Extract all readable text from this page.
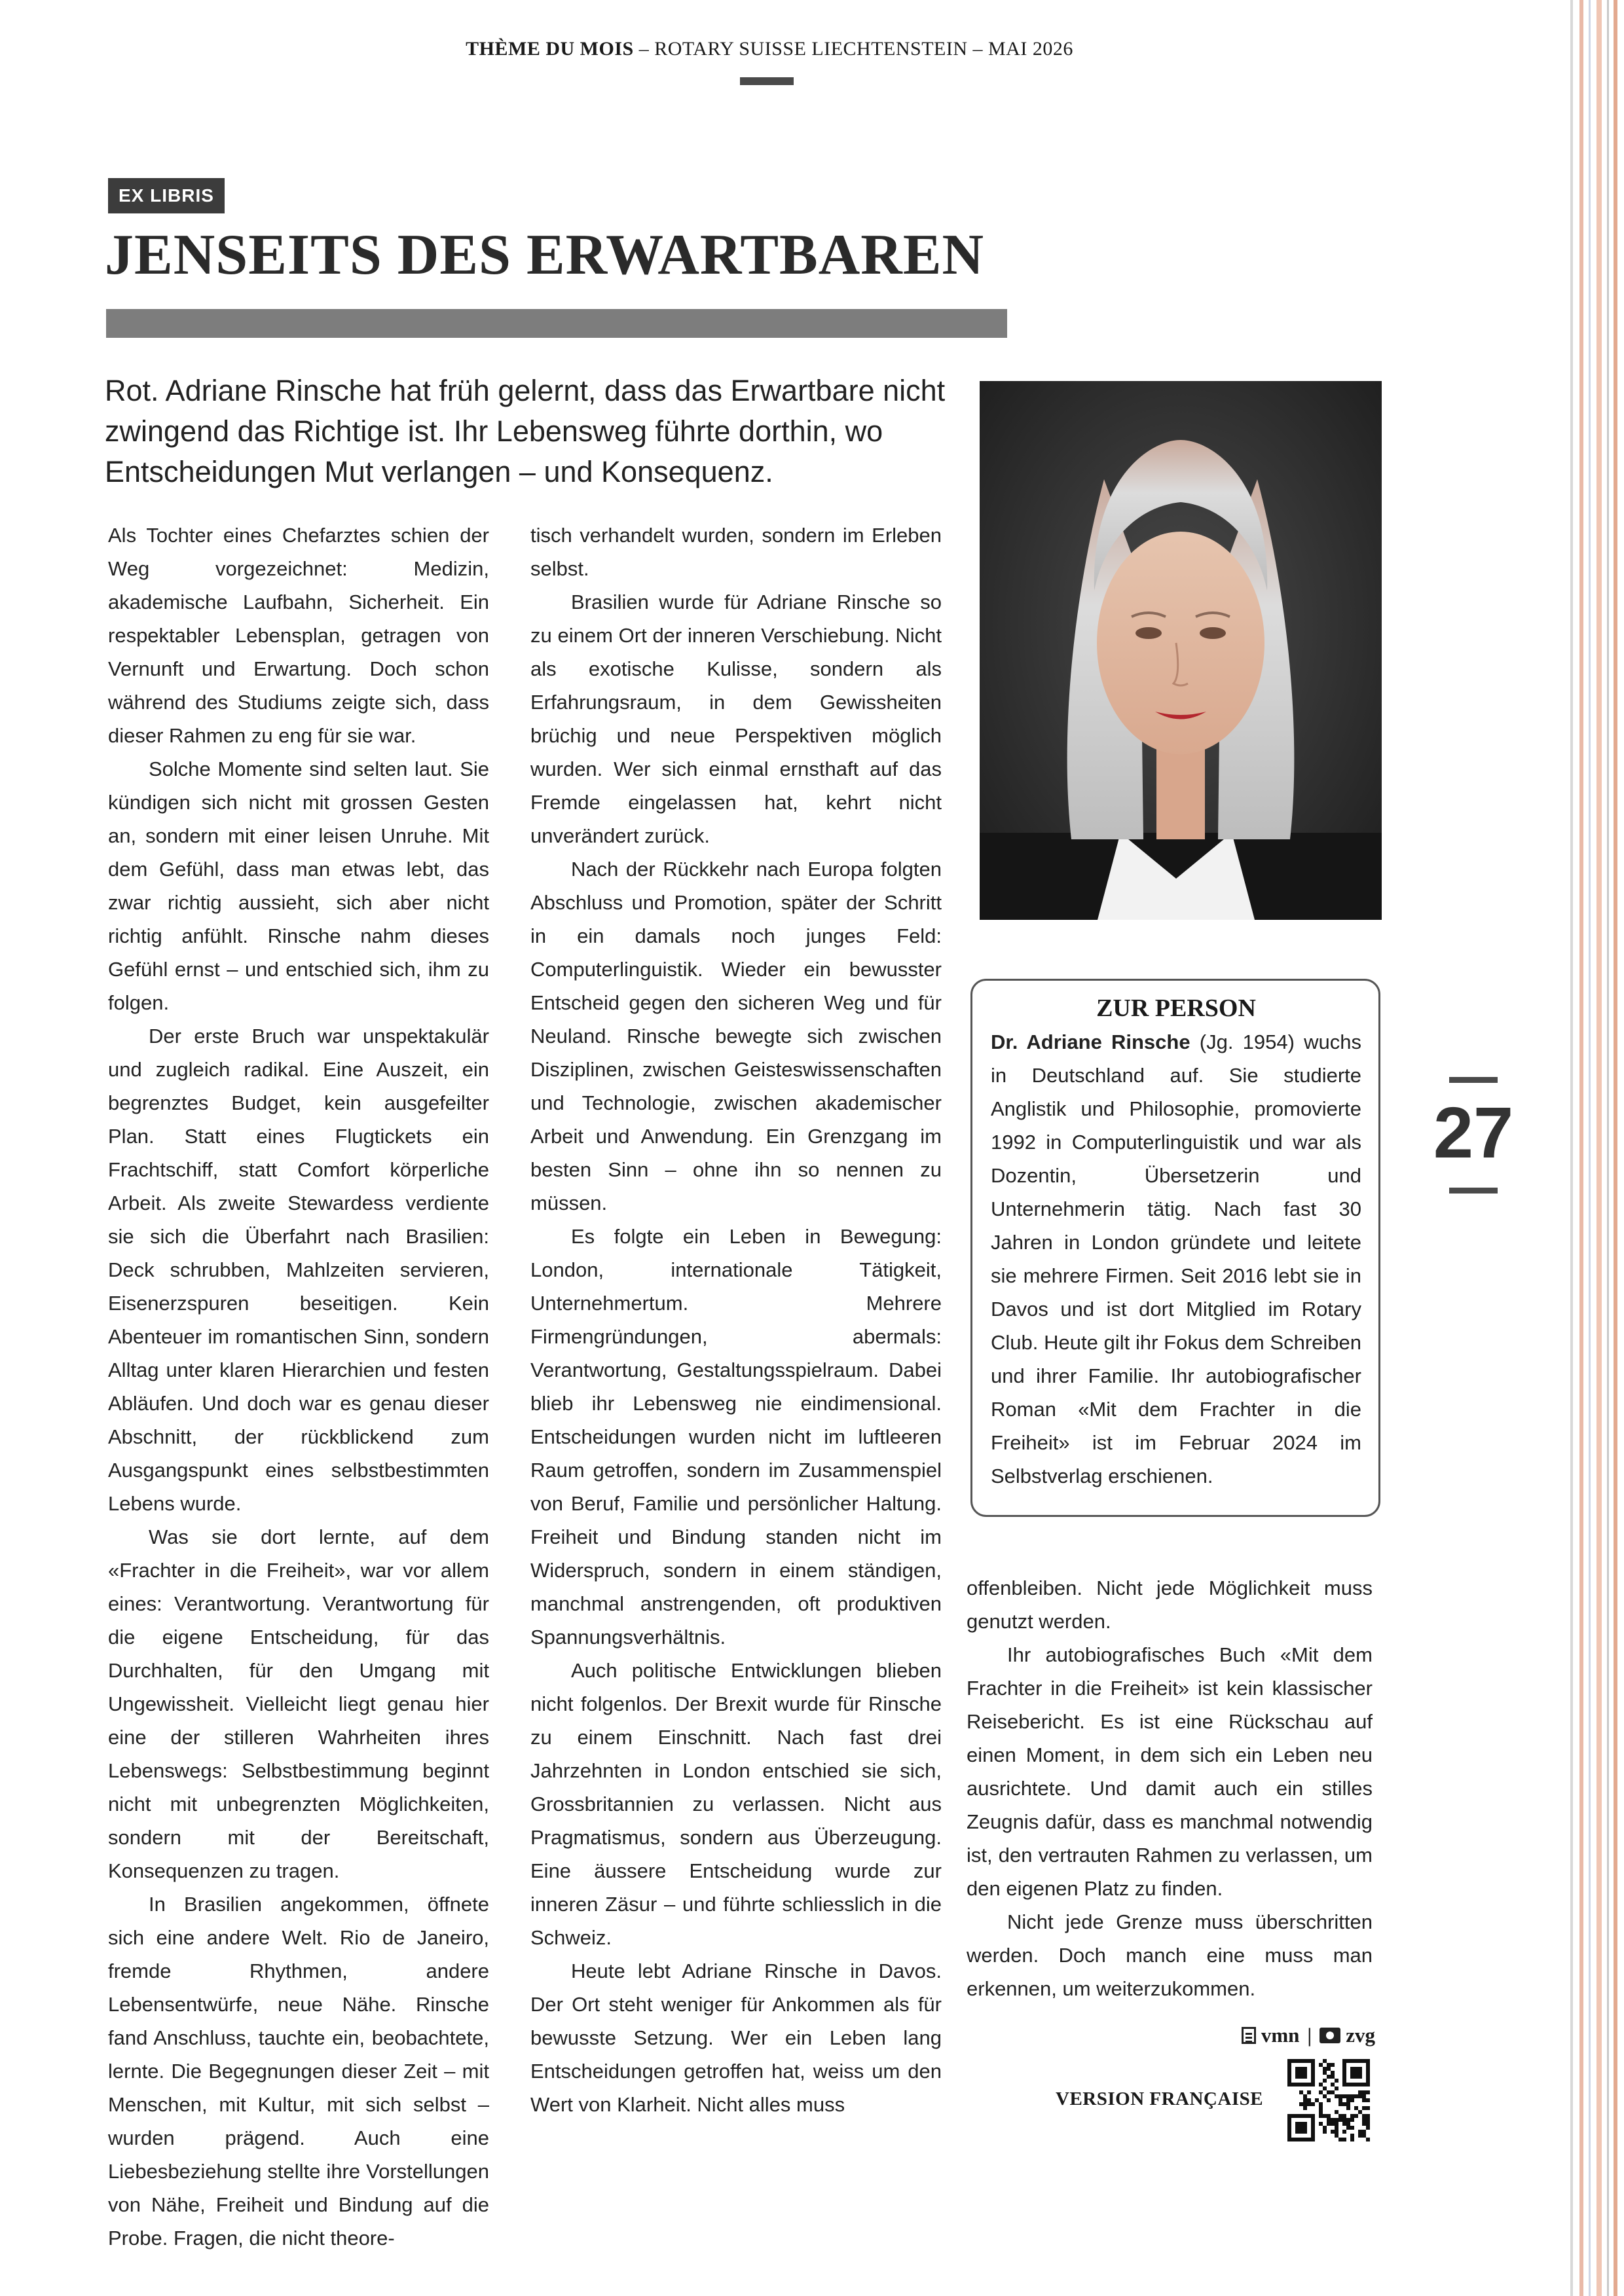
THÈME DU MOIS – ROTARY SUISSE LIECHTENSTEIN – MAI 2026
EX LIBRIS
JENSEITS DES ERWARTBAREN
Rot. Adriane Rinsche hat früh gelernt, dass das Erwartbare nicht zwingend das Richtige ist. Ihr Lebensweg führte dorthin, wo Entscheidungen Mut verlangen – und Konsequenz.

Als Tochter eines Chefarztes schien der Weg vorgezeichnet: Medizin, akademische Laufbahn, Sicherheit. Ein respektabler Lebensplan, getragen von Vernunft und Erwartung. Doch schon während des Studiums zeigte sich, dass dieser Rahmen zu eng für sie war.

Solche Momente sind selten laut. Sie kündigen sich nicht mit grossen Gesten an, sondern mit einer leisen Unruhe. Mit dem Gefühl, dass man etwas lebt, das zwar richtig aussieht, sich aber nicht richtig anfühlt. Rinsche nahm dieses Gefühl ernst – und entschied sich, ihm zu folgen.

Der erste Bruch war unspektakulär und zugleich radikal. Eine Auszeit, ein begrenztes Budget, kein ausgefeilter Plan. Statt eines Flugtickets ein Frachtschiff, statt Comfort körperliche Arbeit. Als zweite Stewardess verdiente sie sich die Überfahrt nach Brasilien: Deck schrubben, Mahlzeiten servieren, Eisenerzspuren beseitigen. Kein Abenteuer im romantischen Sinn, sondern Alltag unter klaren Hierarchien und festen Abläufen. Und doch war es genau dieser Abschnitt, der rückblickend zum Ausgangspunkt eines selbstbestimmten Lebens wurde.

Was sie dort lernte, auf dem «Frachter in die Freiheit», war vor allem eines: Verantwortung. Verantwortung für die eigene Entscheidung, für das Durchhalten, für den Umgang mit Ungewissheit. Vielleicht liegt genau hier eine der stilleren Wahrheiten ihres Lebenswegs: Selbstbestimmung beginnt nicht mit unbegrenzten Möglichkeiten, sondern mit der Bereitschaft, Konsequenzen zu tragen.

In Brasilien angekommen, öffnete sich eine andere Welt. Rio de Janeiro, fremde Rhythmen, andere Lebensentwürfe, neue Nähe. Rinsche fand Anschluss, tauchte ein, beobachtete, lernte. Die Begegnungen dieser Zeit – mit Menschen, mit Kultur, mit sich selbst – wurden prägend. Auch eine Liebesbeziehung stellte ihre Vorstellungen von Nähe, Freiheit und Bindung auf die Probe. Fragen, die nicht theore-

tisch verhandelt wurden, sondern im Erleben selbst.

Brasilien wurde für Adriane Rinsche so zu einem Ort der inneren Verschiebung. Nicht als exotische Kulisse, sondern als Erfahrungsraum, in dem Gewissheiten brüchig und neue Perspektiven möglich wurden. Wer sich einmal ernsthaft auf das Fremde eingelassen hat, kehrt nicht unverändert zurück.

Nach der Rückkehr nach Europa folgten Abschluss und Promotion, später der Schritt in ein damals noch junges Feld: Computerlinguistik. Wieder ein bewusster Entscheid gegen den sicheren Weg und für Neuland. Rinsche bewegte sich zwischen Disziplinen, zwischen Geisteswissenschaften und Technologie, zwischen akademischer Arbeit und Anwendung. Ein Grenzgang im besten Sinn – ohne ihn so nennen zu müssen.

Es folgte ein Leben in Bewegung: London, internationale Tätigkeit, Unternehmertum. Mehrere Firmengründungen, abermals: Verantwortung, Gestaltungsspielraum. Dabei blieb ihr Lebensweg nie eindimensional. Entscheidungen wurden nicht im luftleeren Raum getroffen, sondern im Zusammenspiel von Beruf, Familie und persönlicher Haltung. Freiheit und Bindung standen nicht im Widerspruch, sondern in einem ständigen, manchmal anstrengenden, oft produktiven Spannungsverhältnis.

Auch politische Entwicklungen blieben nicht folgenlos. Der Brexit wurde für Rinsche zu einem Einschnitt. Nach fast drei Jahrzehnten in London entschied sie sich, Grossbritannien zu verlassen. Nicht aus Pragmatismus, sondern aus Überzeugung. Eine äussere Entscheidung wurde zur inneren Zäsur – und führte schliesslich in die Schweiz.

Heute lebt Adriane Rinsche in Davos. Der Ort steht weniger für Ankommen als für bewusste Setzung. Wer ein Leben lang Entscheidungen getroffen hat, weiss um den Wert von Klarheit. Nicht alles muss

offenbleiben. Nicht jede Möglichkeit muss genutzt werden.

Ihr autobiografisches Buch «Mit dem Frachter in die Freiheit» ist kein klassischer Reisebericht. Es ist eine Rückschau auf einen Moment, in dem sich ein Leben neu ausrichtete. Und damit auch ein stilles Zeugnis dafür, dass es manchmal notwendig ist, den vertrauten Rahmen zu verlassen, um den eigenen Platz zu finden.

Nicht jede Grenze muss überschritten werden. Doch manch eine muss man erkennen, um weiterzukommen.

ZUR PERSON
Dr. Adriane Rinsche (Jg. 1954) wuchs in Deutschland auf. Sie studierte Anglistik und Philosophie, promovierte 1992 in Computerlinguistik und war als Dozentin, Übersetzerin und Unternehmerin tätig. Nach fast 30 Jahren in London gründete und leitete sie mehrere Firmen. Seit 2016 lebt sie in Davos und ist dort Mitglied im Rotary Club. Heute gilt ihr Fokus dem Schreiben und ihrer Familie. Ihr autobiografischer Roman «Mit dem Frachter in die Freiheit» ist im Februar 2024 im Selbstverlag erschienen.
27
vmn | zvg
VERSION FRANÇAISE
